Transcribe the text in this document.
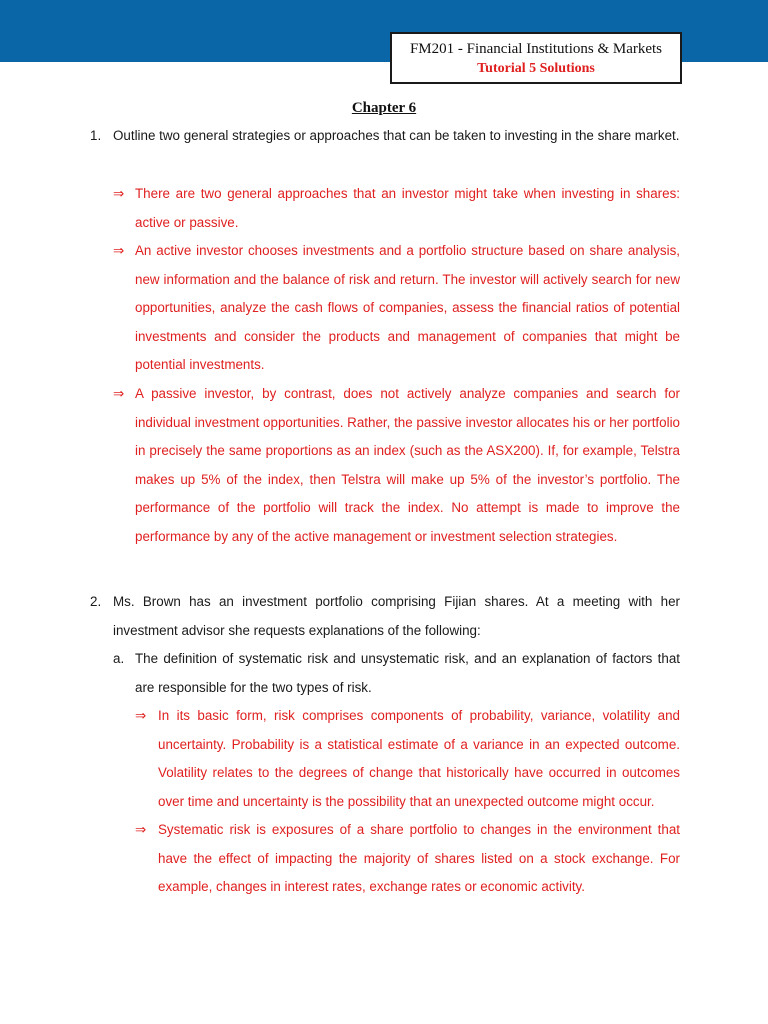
FM201 - Financial Institutions & Markets
Tutorial 5 Solutions
Chapter 6
1. Outline two general strategies or approaches that can be taken to investing in the share market.
⇒ There are two general approaches that an investor might take when investing in shares: active or passive.
⇒ An active investor chooses investments and a portfolio structure based on share analysis, new information and the balance of risk and return. The investor will actively search for new opportunities, analyze the cash flows of companies, assess the financial ratios of potential investments and consider the products and management of companies that might be potential investments.
⇒ A passive investor, by contrast, does not actively analyze companies and search for individual investment opportunities. Rather, the passive investor allocates his or her portfolio in precisely the same proportions as an index (such as the ASX200). If, for example, Telstra makes up 5% of the index, then Telstra will make up 5% of the investor’s portfolio. The performance of the portfolio will track the index. No attempt is made to improve the performance by any of the active management or investment selection strategies.
2. Ms. Brown has an investment portfolio comprising Fijian shares. At a meeting with her investment advisor she requests explanations of the following:
a. The definition of systematic risk and unsystematic risk, and an explanation of factors that are responsible for the two types of risk.
⇒ In its basic form, risk comprises components of probability, variance, volatility and uncertainty. Probability is a statistical estimate of a variance in an expected outcome. Volatility relates to the degrees of change that historically have occurred in outcomes over time and uncertainty is the possibility that an unexpected outcome might occur.
⇒ Systematic risk is exposures of a share portfolio to changes in the environment that have the effect of impacting the majority of shares listed on a stock exchange. For example, changes in interest rates, exchange rates or economic activity.
